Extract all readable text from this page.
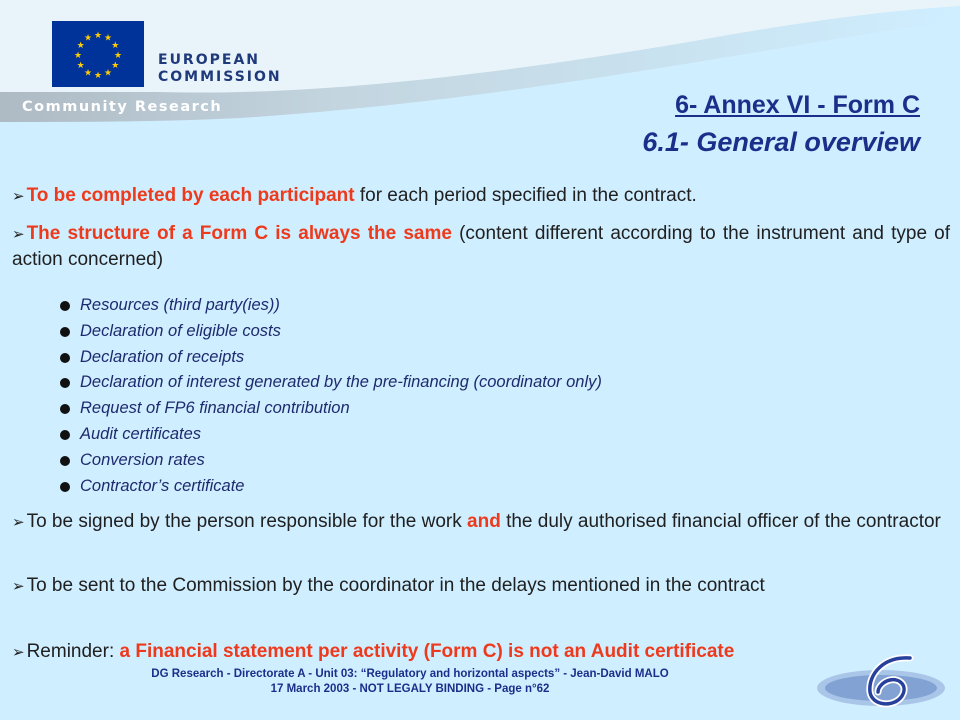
★ ★
★
★
★
★
★
★
★
★
★
★
EUROPEAN
COMMISSION
Community Research	6- Annex VI - Form C
6.1- General overview
➢ To be completed by each participant for each period specified in the contract.
➢ The structure of a Form C is always the same (content different according to the instrument and type of action concerned)
Resources (third party(ies))
Declaration of eligible costs
Declaration of receipts
Declaration of interest generated by the pre-financing (coordinator only)
Request of FP6 financial contribution
Audit certificates
Conversion rates
Contractor’s certificate
➢ To be signed by the person responsible for the work and the duly authorised financial officer of the contractor
➢ To be sent to the Commission by the coordinator in the delays mentioned in the contract
➢ Reminder: a Financial statement per activity (Form C) is not an Audit certificate
DG Research - Directorate A - Unit 03: “Regulatory and horizontal aspects” - Jean-David MALO
17 March 2003 - NOT LEGALY BINDING - Page n°62
